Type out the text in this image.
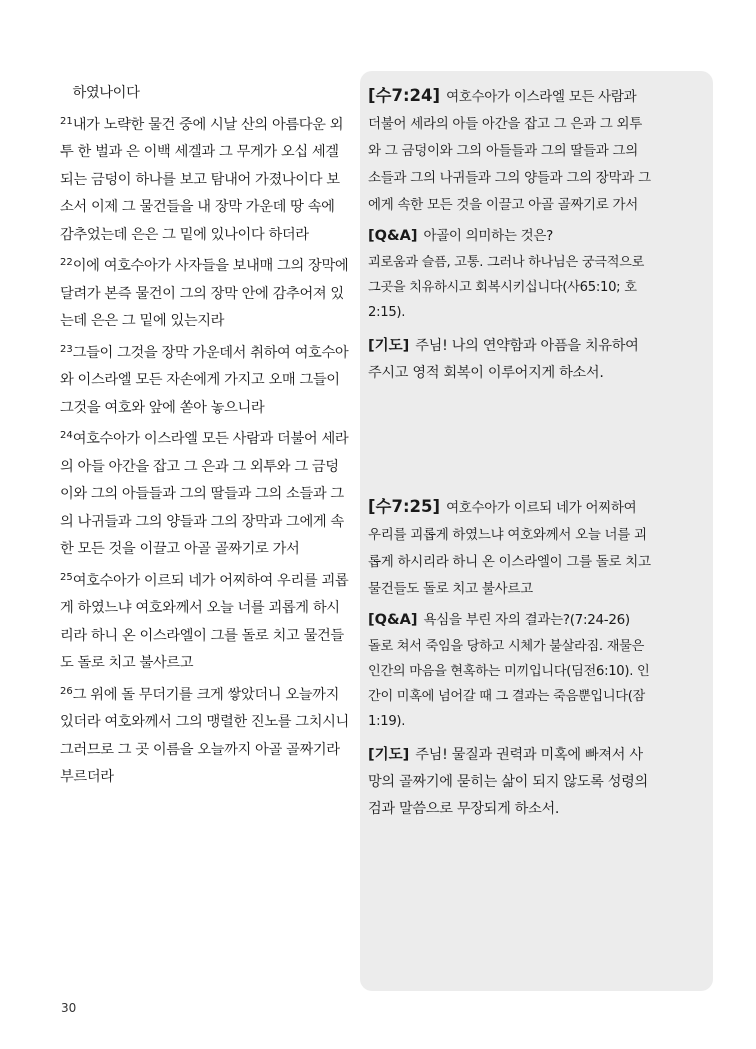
하였나이다

$^{21}$내가 노략한 물건 중에 시날 산의 아름다운 외투 한 벌과 은 이백 세겔과 그 무게가 오십 세겔 되는 금덩이 하나를 보고 탐내어 가졌나이다 보소서 이제 그 물건들을 내 장막 가운데 땅 속에 감추었는데 은은 그 밑에 있나이다 하더라

$^{22}$이에 여호수아가 사자들을 보내매 그의 장막에 달려가 본즉 물건이 그의 장막 안에 감추어져 있는데 은은 그 밑에 있는지라

$^{23}$그들이 그것을 장막 가운데서 취하여 여호수아와 이스라엘 모든 자손에게 가지고 오매 그들이 그것을 여호와 앞에 쏟아 놓으니라

$^{24}$여호수아가 이스라엘 모든 사람과 더불어 세라의 아들 아간을 잡고 그 은과 그 외투와 그 금덩이와 그의 아들들과 그의 딸들과 그의 소들과 그의 나귀들과 그의 양들과 그의 장막과 그에게 속한 모든 것을 이끌고 아골 골짜기로 가서

$^{25}$여호수아가 이르되 네가 어찌하여 우리를 괴롭게 하였느냐 여호와께서 오늘 너를 괴롭게 하시리라 하니 온 이스라엘이 그를 돌로 치고 물건들도 돌로 치고 불사르고

$^{26}$그 위에 돌 무더기를 크게 쌓았더니 오늘까지 있더라 여호와께서 그의 맹렬한 진노를 그치시니 그러므로 그 곳 이름을 오늘까지 아골 골짜기라 부르더라

[수7:24] 여호수아가 이스라엘 모든 사람과 더불어 세라의 아들 아간을 잡고 그 은과 그 외투와 그 금덩이와 그의 아들들과 그의 딸들과 그의 소들과 그의 나귀들과 그의 양들과 그의 장막과 그에게 속한 모든 것을 이끌고 아골 골짜기로 가서

[Q&A] 아골이 의미하는 것은?

괴로움과 슬픔, 고통. 그러나 하나님은 궁극적으로 그곳을 치유하시고 회복시키십니다(사65:10; 호2:15).

[기도] 주님! 나의 연약함과 아픔을 치유하여 주시고 영적 회복이 이루어지게 하소서.

[수7:25] 여호수아가 이르되 네가 어찌하여 우리를 괴롭게 하였느냐 여호와께서 오늘 너를 괴롭게 하시리라 하니 온 이스라엘이 그를 돌로 치고 물건들도 돌로 치고 불사르고

[Q&A] 욕심을 부린 자의 결과는?(7:24-26)

돌로 쳐서 죽임을 당하고 시체가 불살라짐. 재물은 인간의 마음을 현혹하는 미끼입니다(딤전6:10). 인간이 미혹에 넘어갈 때 그 결과는 죽음뿐입니다(잠1:19).

[기도] 주님! 물질과 권력과 미혹에 빠져서 사망의 골짜기에 묻히는 삶이 되지 않도록 성령의 검과 말씀으로 무장되게 하소서.

30
